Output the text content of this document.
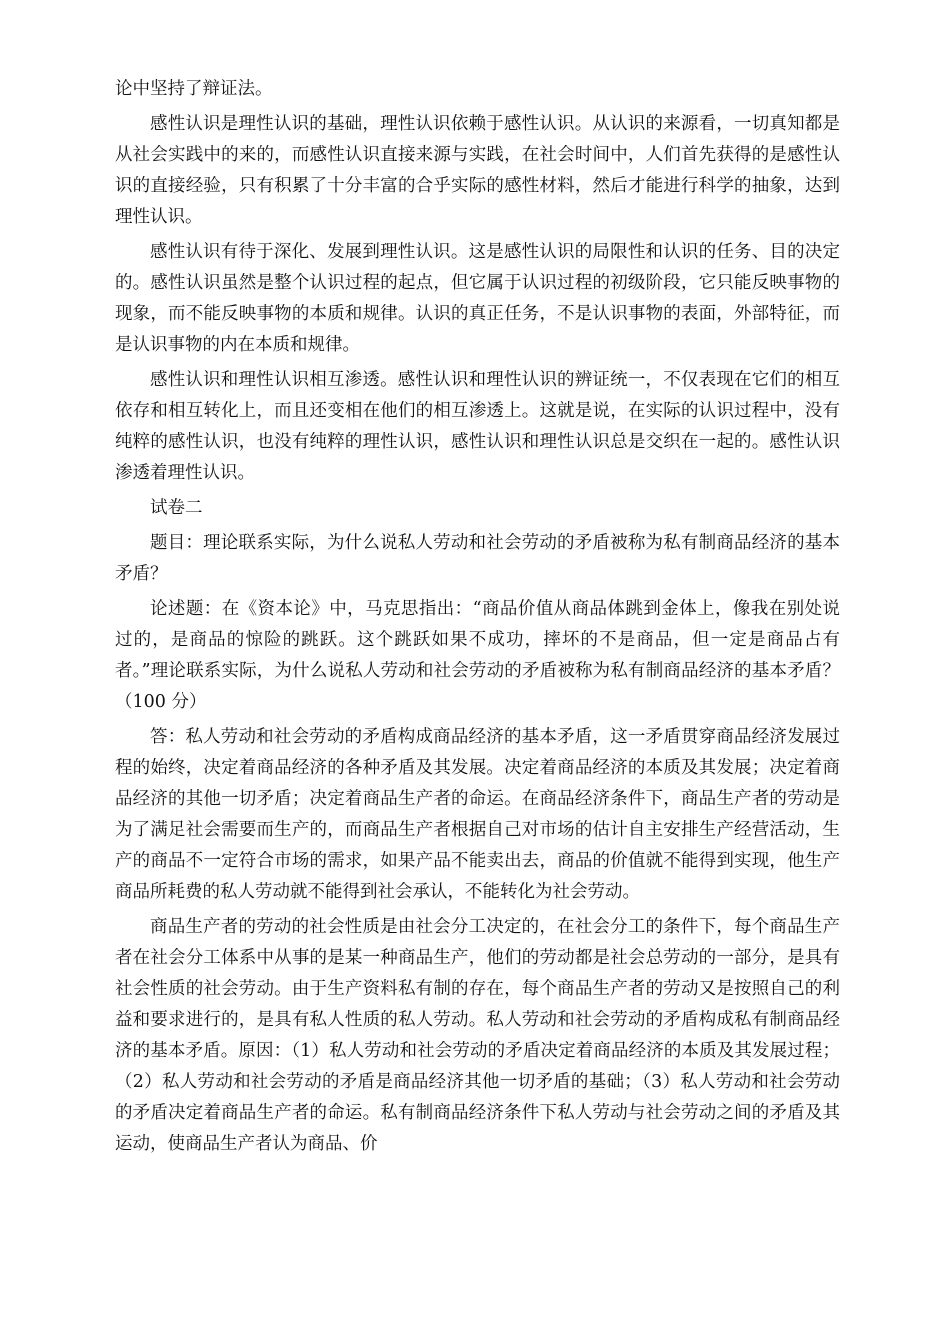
论中坚持了辩证法。

感性认识是理性认识的基础，理性认识依赖于感性认识。从认识的来源看，一切真知都是从社会实践中的来的，而感性认识直接来源与实践，在社会时间中，人们首先获得的是感性认识的直接经验，只有积累了十分丰富的合乎实际的感性材料，然后才能进行科学的抽象，达到理性认识。

感性认识有待于深化、发展到理性认识。这是感性认识的局限性和认识的任务、目的决定的。感性认识虽然是整个认识过程的起点，但它属于认识过程的初级阶段，它只能反映事物的现象，而不能反映事物的本质和规律。认识的真正任务，不是认识事物的表面，外部特征，而是认识事物的内在本质和规律。

感性认识和理性认识相互渗透。感性认识和理性认识的辨证统一，不仅表现在它们的相互依存和相互转化上，而且还变相在他们的相互渗透上。这就是说，在实际的认识过程中，没有纯粹的感性认识，也没有纯粹的理性认识，感性认识和理性认识总是交织在一起的。感性认识渗透着理性认识。

试卷二

题目：理论联系实际，为什么说私人劳动和社会劳动的矛盾被称为私有制商品经济的基本矛盾？

论述题：在《资本论》中，马克思指出：“商品价值从商品体跳到金体上，像我在别处说过的，是商品的惊险的跳跃。这个跳跃如果不成功，摔坏的不是商品，但一定是商品占有者。”理论联系实际，为什么说私人劳动和社会劳动的矛盾被称为私有制商品经济的基本矛盾？（100 分）

答：私人劳动和社会劳动的矛盾构成商品经济的基本矛盾，这一矛盾贯穿商品经济发展过程的始终，决定着商品经济的各种矛盾及其发展。决定着商品经济的本质及其发展；决定着商品经济的其他一切矛盾；决定着商品生产者的命运。在商品经济条件下，商品生产者的劳动是为了满足社会需要而生产的，而商品生产者根据自己对市场的估计自主安排生产经营活动，生产的商品不一定符合市场的需求，如果产品不能卖出去，商品的价值就不能得到实现，他生产商品所耗费的私人劳动就不能得到社会承认，不能转化为社会劳动。

商品生产者的劳动的社会性质是由社会分工决定的，在社会分工的条件下，每个商品生产者在社会分工体系中从事的是某一种商品生产，他们的劳动都是社会总劳动的一部分，是具有社会性质的社会劳动。由于生产资料私有制的存在，每个商品生产者的劳动又是按照自己的利益和要求进行的，是具有私人性质的私人劳动。私人劳动和社会劳动的矛盾构成私有制商品经济的基本矛盾。原因：（1）私人劳动和社会劳动的矛盾决定着商品经济的本质及其发展过程；（2）私人劳动和社会劳动的矛盾是商品经济其他一切矛盾的基础；（3）私人劳动和社会劳动的矛盾决定着商品生产者的命运。私有制商品经济条件下私人劳动与社会劳动之间的矛盾及其运动，使商品生产者认为商品、价
